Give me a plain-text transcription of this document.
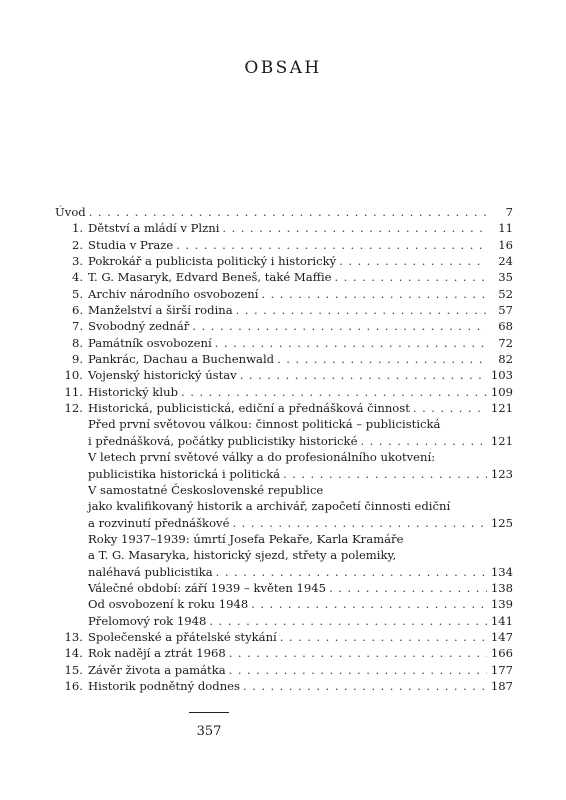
OBSAH
Úvod . . .	7
1. Dětství a mládí v Plzni . . .	11
2. Studia v Praze . . .	16
3. Pokrokář a publicista politický i historický . . .	24
4. T. G. Masaryk, Edvard Beneš, také Maffie . . .	35
5. Archiv národního osvobození . . .	52
6. Manželství a širší rodina . . .	57
7. Svobodný zednář . . .	68
8. Památník osvobození . . .	72
9. Pankrác, Dachau a Buchenwald . . .	82
10. Vojenský historický ústav . . .	103
11. Historický klub . . .	109
12. Historická, publicistická, ediční a přednášková činnost . . .	121
Před první světovou válkou: činnost politická – publicistická
i přednášková, počátky publicistiky historické . . .	121
V letech první světové války a do profesionálního ukotvení:
publicistika historická i politická . . .	123
V samostatné Československé republice
jako kvalifikovaný historik a archivář, započetí činnosti ediční
a rozvinutí přednáškové . . .	125
Roky 1937–1939: úmrtí Josefa Pekaře, Karla Kramáře
a T. G. Masaryka, historický sjezd, střety a polemiky,
naléhavá publicistika . . .	134
Válečné období: září 1939 – květen 1945 . . .	138
Od osvobození k roku 1948 . . .	139
Přelomový rok 1948 . . .	141
13. Společenské a přátelské stykání . . .	147
14. Rok nadějí a ztrát 1968 . . .	166
15. Závěr života a památka . . .	177
16. Historik podnětný dodnes . . .	187
357
